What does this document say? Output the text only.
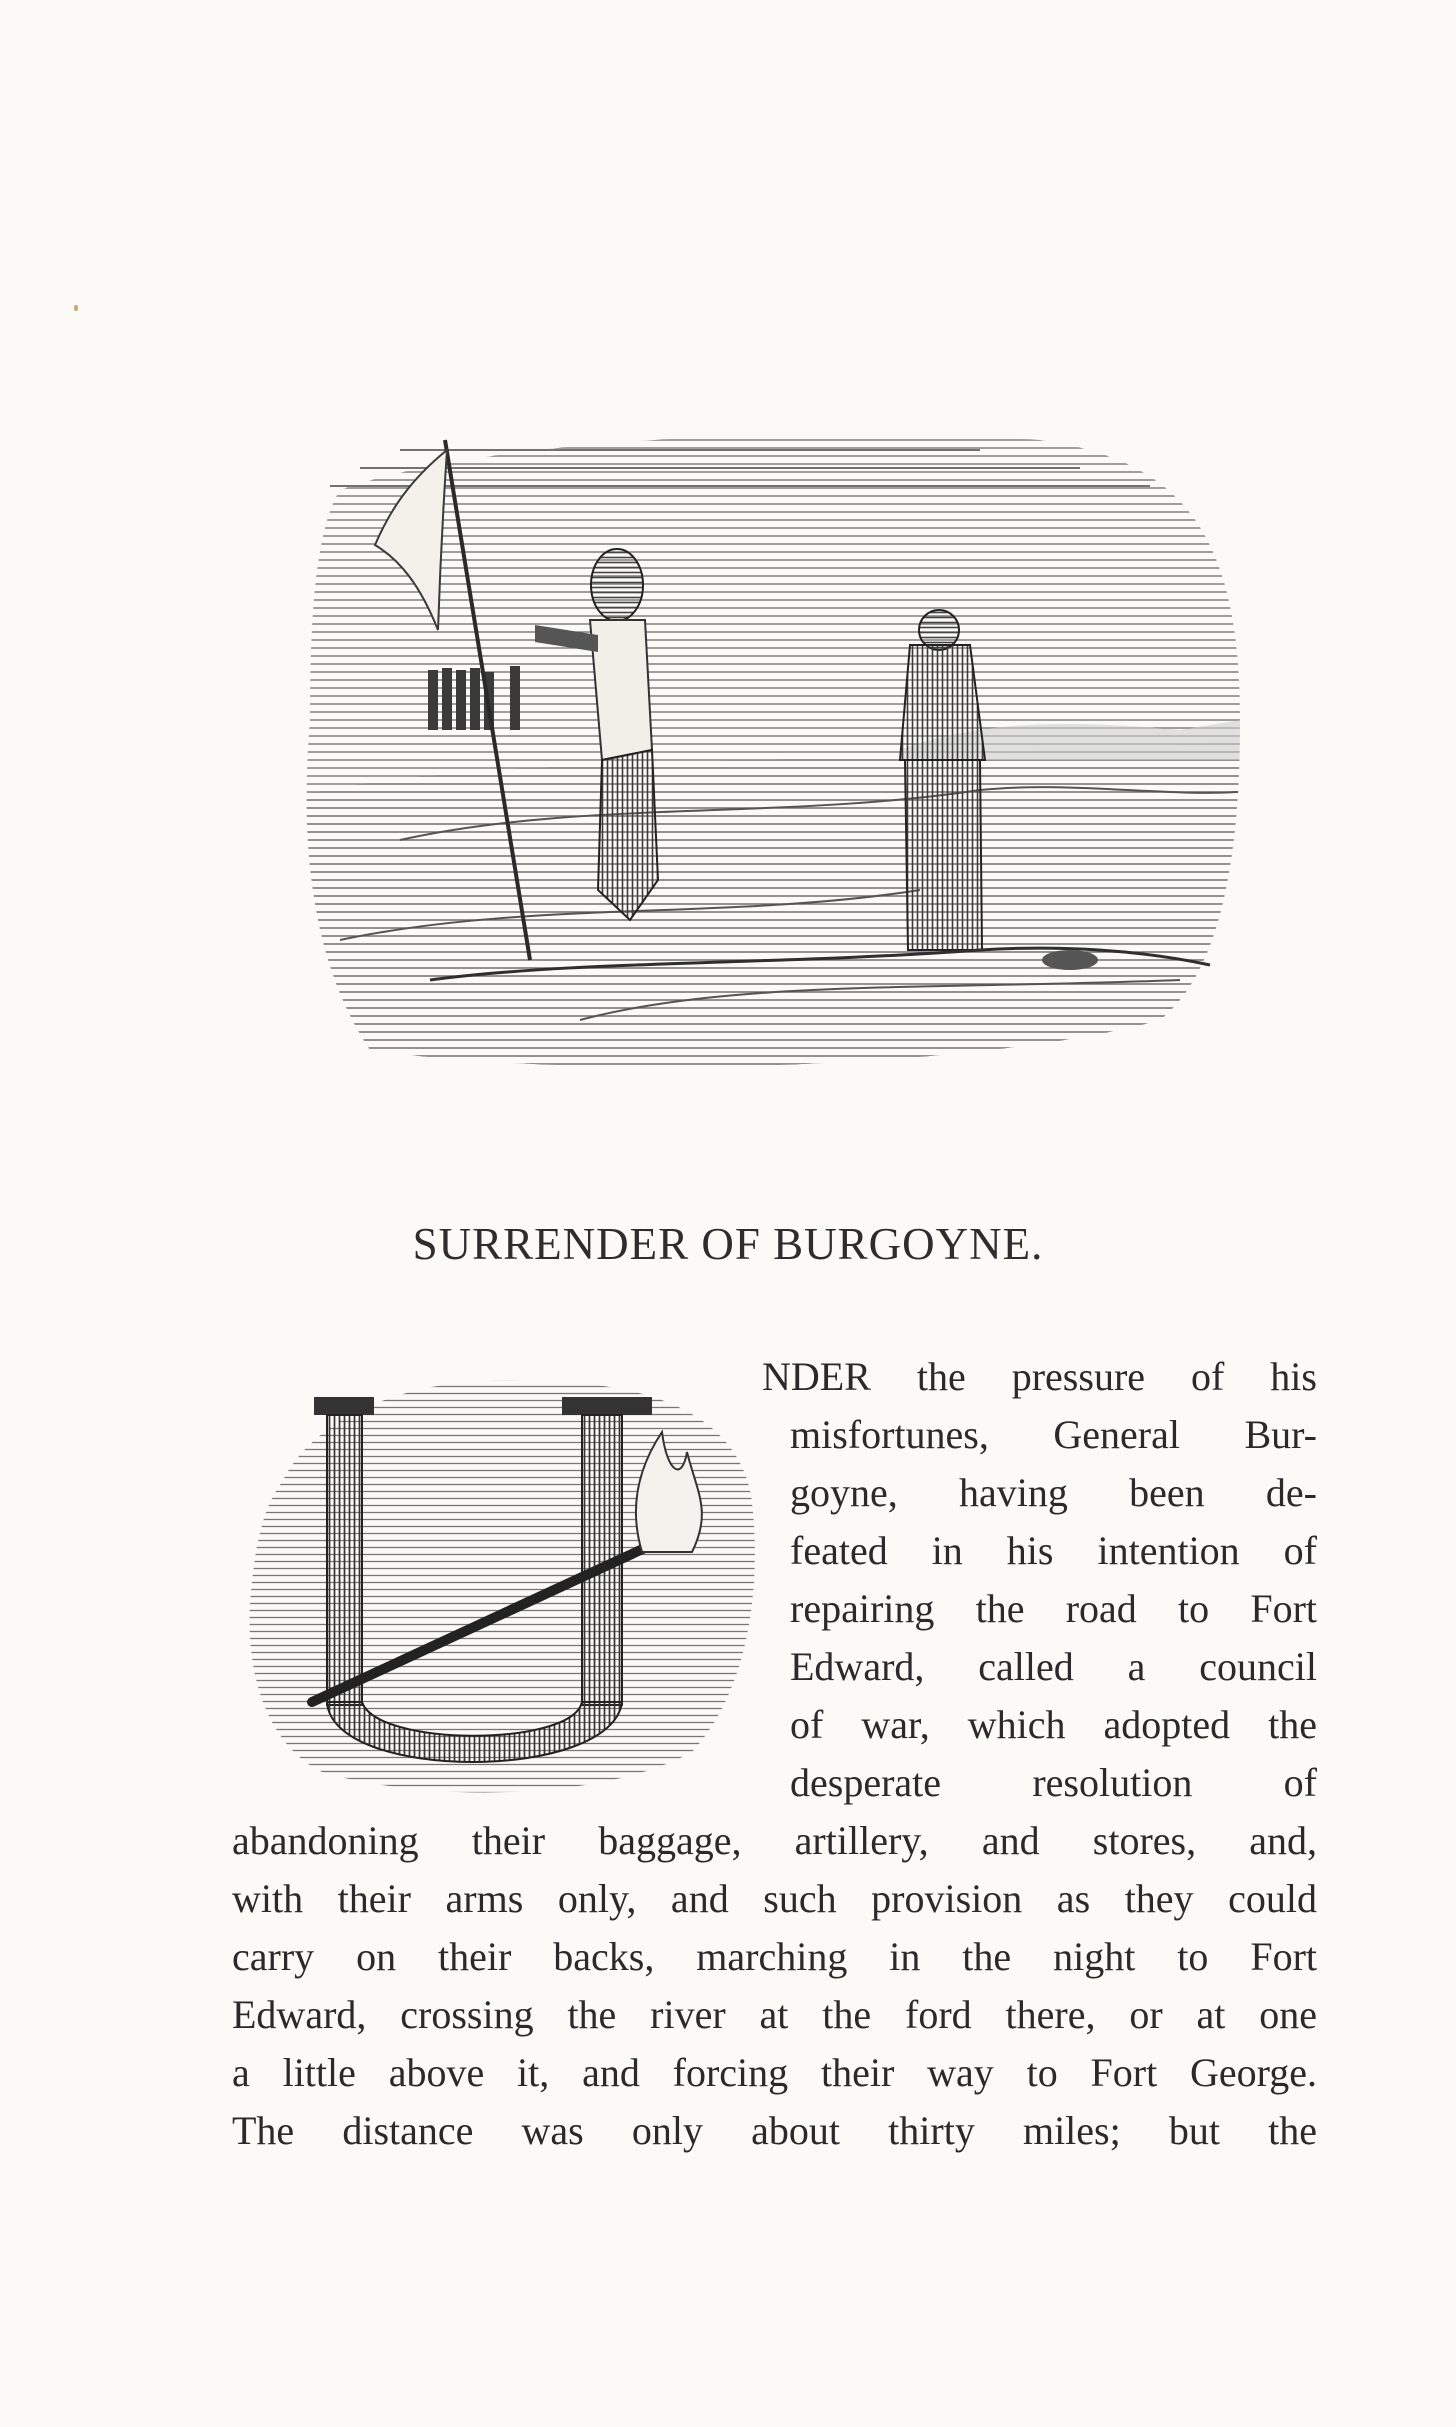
SURRENDER OF BURGOYNE.
NDER the pressure of his
misfortunes, General Bur-
goyne, having been de-
feated in his intention of
repairing the road to Fort
Edward, called a council
of war, which adopted the
desperate resolution of
abandoning their baggage, artillery, and stores, and,
with their arms only, and such provision as they could
carry on their backs, marching in the night to Fort
Edward, crossing the river at the ford there, or at one
a little above it, and forcing their way to Fort George.
The distance was only about thirty miles; but the
